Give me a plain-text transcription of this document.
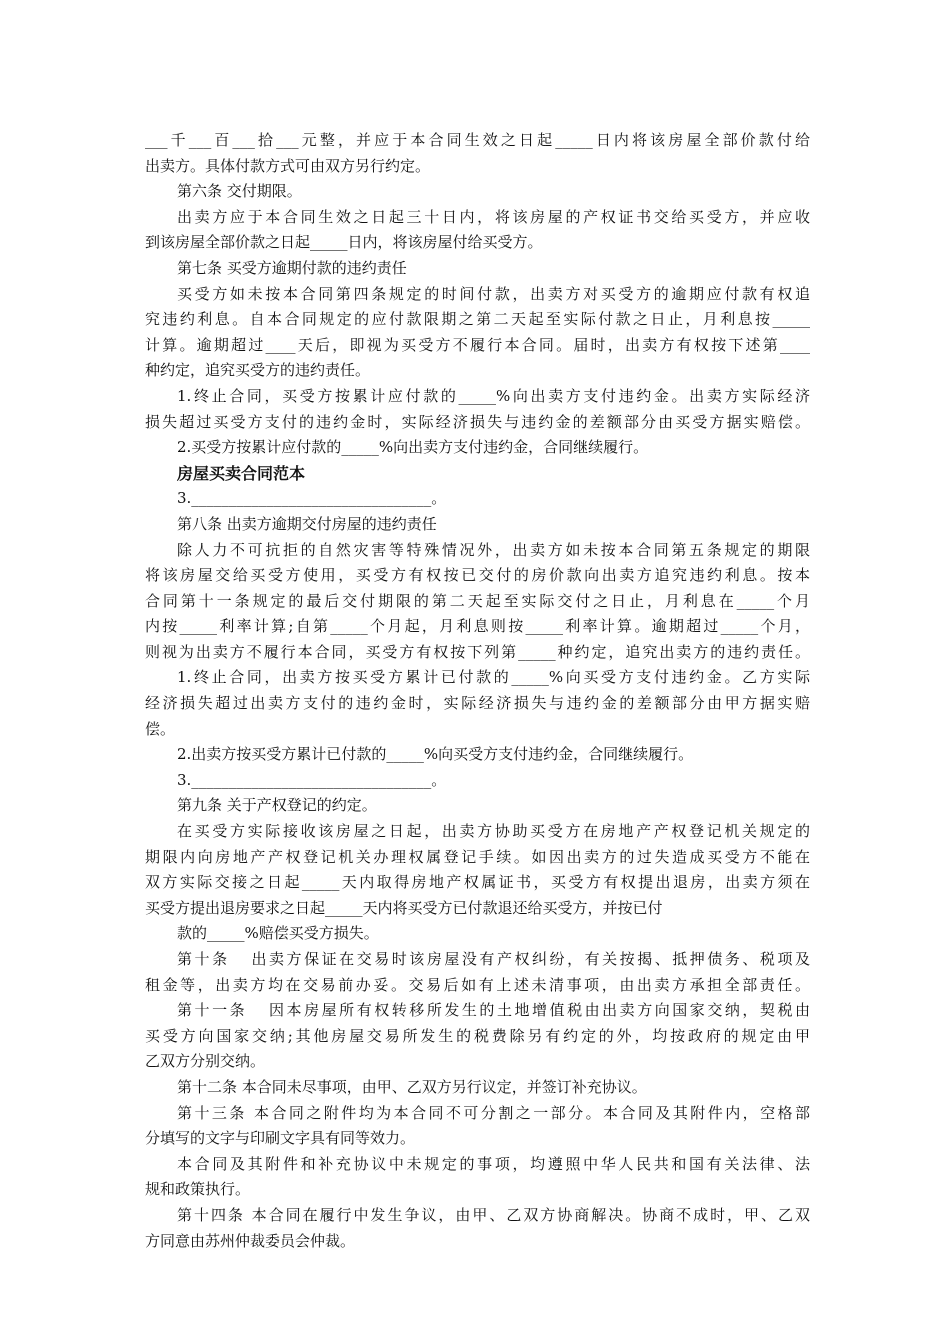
___千___百___拾___元整，并应于本合同生效之日起_____日内将该房屋全部价款付给
出卖方。具体付款方式可由双方另行约定。
第六条 交付期限。
出卖方应于本合同生效之日起三十日内，将该房屋的产权证书交给买受方，并应收
到该房屋全部价款之日起_____日内，将该房屋付给买受方。
第七条 买受方逾期付款的违约责任
买受方如未按本合同第四条规定的时间付款，出卖方对买受方的逾期应付款有权追
究违约利息。自本合同规定的应付款限期之第二天起至实际付款之日止，月利息按_____
计算。逾期超过____天后，即视为买受方不履行本合同。届时，出卖方有权按下述第____
种约定，追究买受方的违约责任。
1.终止合同，买受方按累计应付款的_____%向出卖方支付违约金。出卖方实际经济
损失超过买受方支付的违约金时，实际经济损失与违约金的差额部分由买受方据实赔偿。
2.买受方按累计应付款的_____%向出卖方支付违约金，合同继续履行。
房屋买卖合同范本
3.________________________________。
第八条 出卖方逾期交付房屋的违约责任
除人力不可抗拒的自然灾害等特殊情况外，出卖方如未按本合同第五条规定的期限
将该房屋交给买受方使用，买受方有权按已交付的房价款向出卖方追究违约利息。按本
合同第十一条规定的最后交付期限的第二天起至实际交付之日止，月利息在_____个月
内按_____利率计算;自第_____个月起，月利息则按_____利率计算。逾期超过_____个月，
则视为出卖方不履行本合同，买受方有权按下列第_____种约定，追究出卖方的违约责任。
1.终止合同，出卖方按买受方累计已付款的_____%向买受方支付违约金。乙方实际
经济损失超过出卖方支付的违约金时，实际经济损失与违约金的差额部分由甲方据实赔
偿。
2.出卖方按买受方累计已付款的_____%向买受方支付违约金，合同继续履行。
3.________________________________。
第九条 关于产权登记的约定。
在买受方实际接收该房屋之日起，出卖方协助买受方在房地产产权登记机关规定的
期限内向房地产产权登记机关办理权属登记手续。如因出卖方的过失造成买受方不能在
双方实际交接之日起_____天内取得房地产权属证书，买受方有权提出退房，出卖方须在
买受方提出退房要求之日起_____天内将买受方已付款退还给买受方，并按已付
款的_____%赔偿买受方损失。
第十条   出卖方保证在交易时该房屋没有产权纠纷，有关按揭、抵押债务、税项及
租金等，出卖方均在交易前办妥。交易后如有上述未清事项，由出卖方承担全部责任。
第十一条   因本房屋所有权转移所发生的土地增值税由出卖方向国家交纳，契税由
买受方向国家交纳;其他房屋交易所发生的税费除另有约定的外，均按政府的规定由甲
乙双方分别交纳。
第十二条 本合同未尽事项，由甲、乙双方另行议定，并签订补充协议。
第十三条 本合同之附件均为本合同不可分割之一部分。本合同及其附件内，空格部
分填写的文字与印刷文字具有同等效力。
本合同及其附件和补充协议中未规定的事项，均遵照中华人民共和国有关法律、法
规和政策执行。
第十四条 本合同在履行中发生争议，由甲、乙双方协商解决。协商不成时，甲、乙双
方同意由苏州仲裁委员会仲裁。
